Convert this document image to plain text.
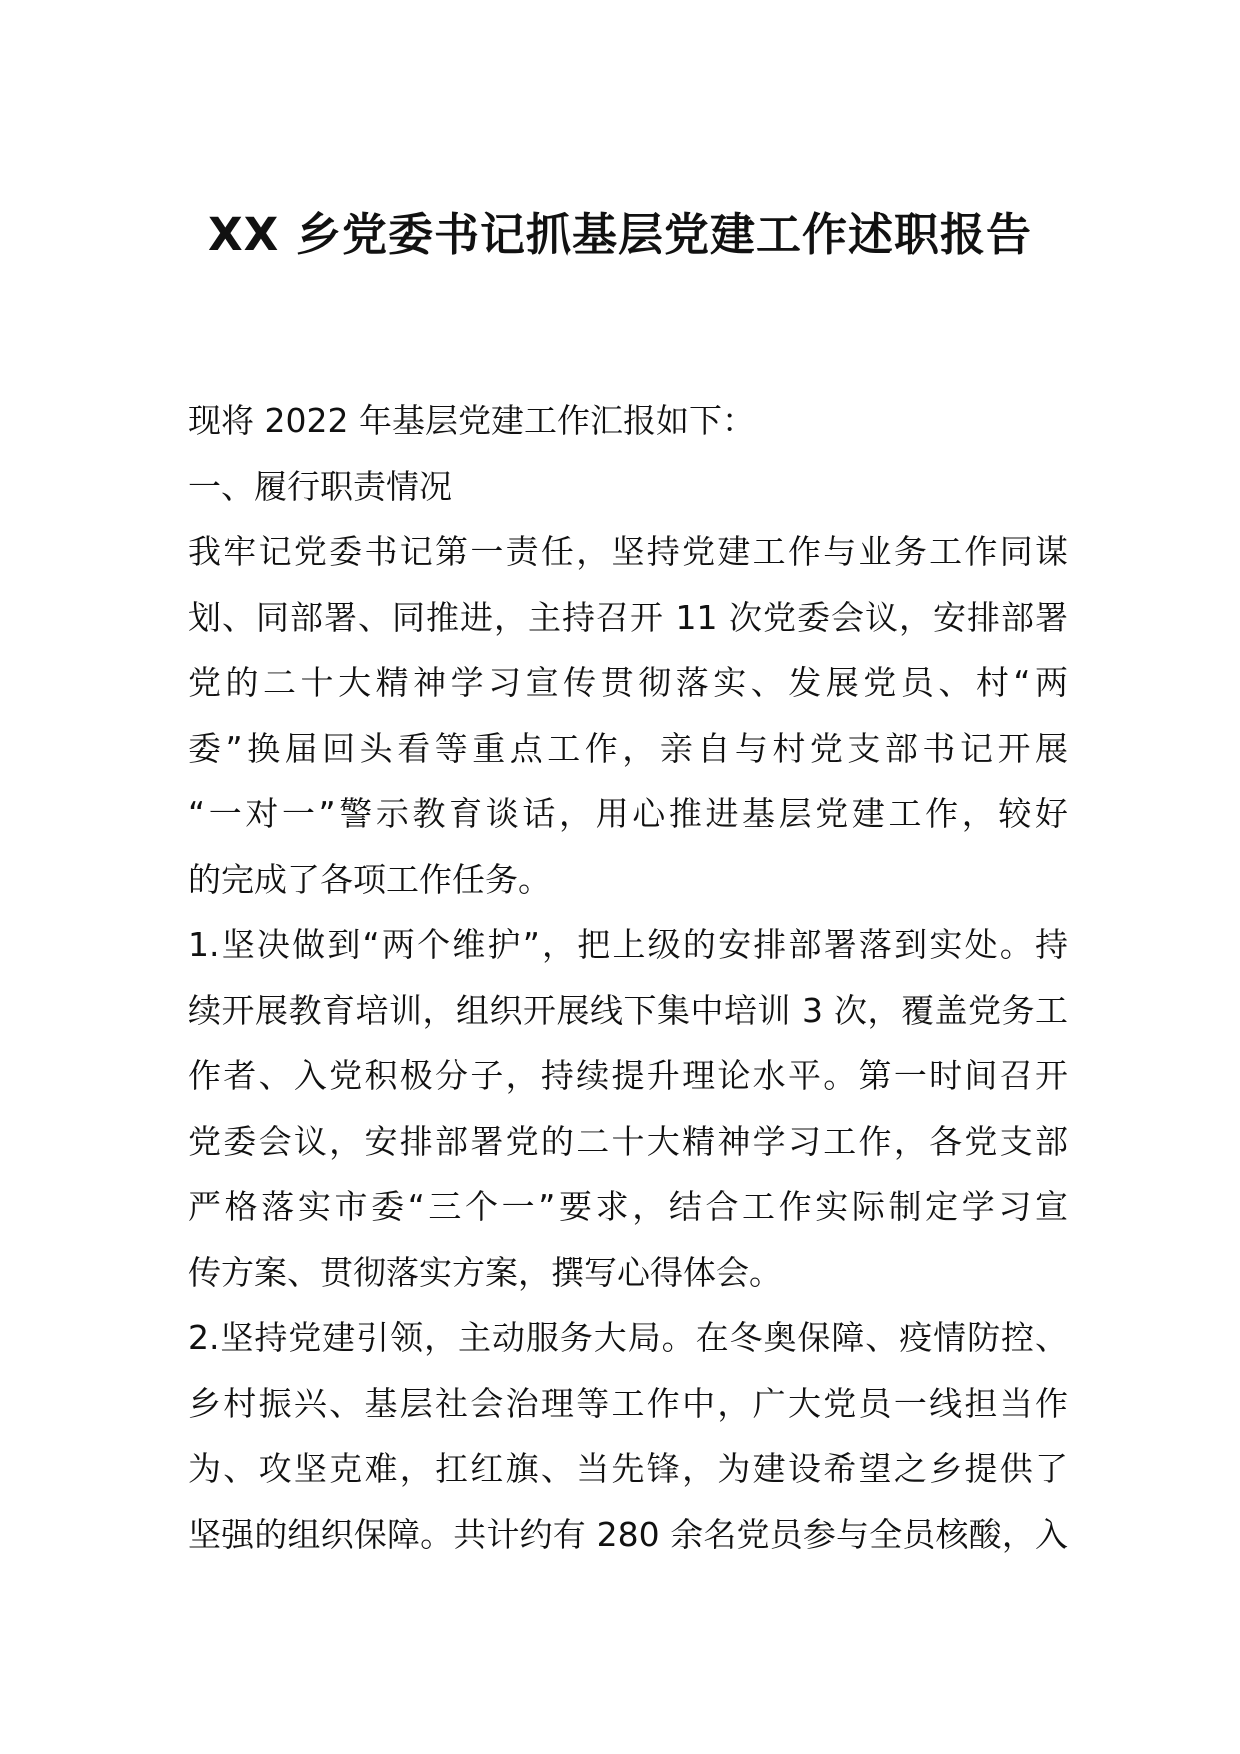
XX 乡党委书记抓基层党建工作述职报告
现将 2022 年基层党建工作汇报如下：
一、履行职责情况
我牢记党委书记第一责任，坚持党建工作与业务工作同谋
划、同部署、同推进，主持召开 11 次党委会议，安排部署
党的二十大精神学习宣传贯彻落实、发展党员、村“两
委”换届回头看等重点工作，亲自与村党支部书记开展
“一对一”警示教育谈话，用心推进基层党建工作，较好
的完成了各项工作任务。
1.坚决做到“两个维护”，把上级的安排部署落到实处。持
续开展教育培训，组织开展线下集中培训 3 次，覆盖党务工
作者、入党积极分子，持续提升理论水平。第一时间召开
党委会议，安排部署党的二十大精神学习工作，各党支部
严格落实市委“三个一”要求，结合工作实际制定学习宣
传方案、贯彻落实方案，撰写心得体会。
2.坚持党建引领，主动服务大局。在冬奥保障、疫情防控、
乡村振兴、基层社会治理等工作中，广大党员一线担当作
为、攻坚克难，扛红旗、当先锋，为建设希望之乡提供了
坚强的组织保障。共计约有 280 余名党员参与全员核酸，入
